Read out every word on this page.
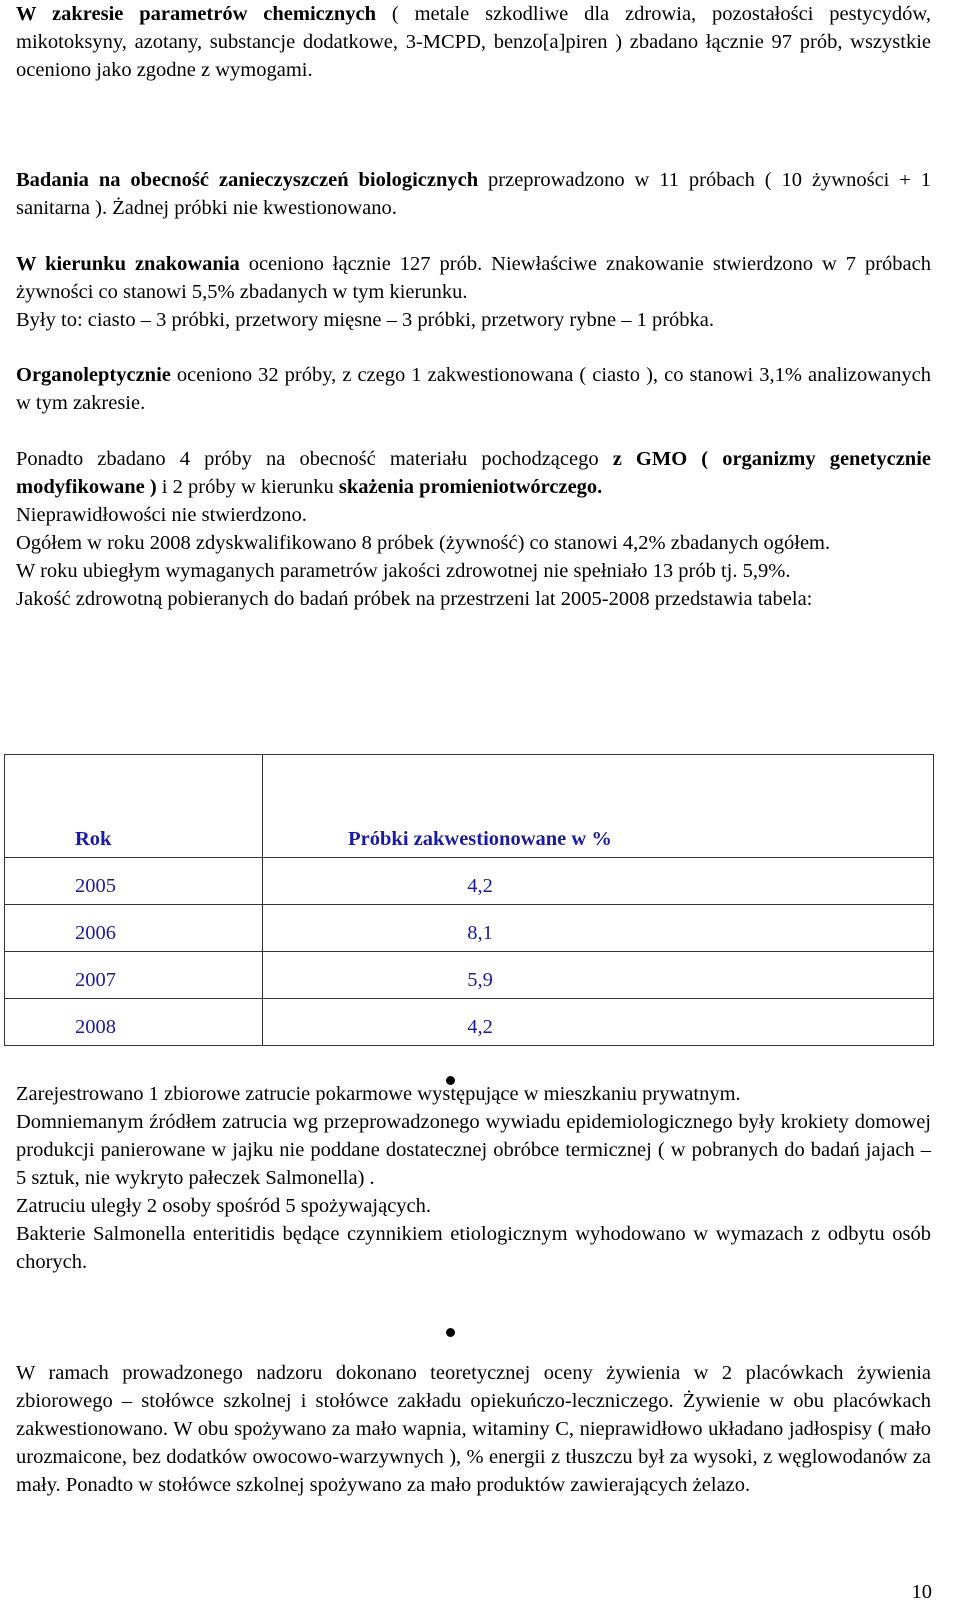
W zakresie parametrów chemicznych ( metale szkodliwe dla zdrowia, pozostałości pestycydów, mikotoksyny, azotany, substancje dodatkowe, 3-MCPD, benzo[a]piren ) zbadano łącznie 97 prób, wszystkie oceniono jako zgodne z wymogami.

Badania na obecność zanieczyszczeń biologicznych przeprowadzono w 11 próbach ( 10 żywności + 1 sanitarna ). Żadnej próbki nie kwestionowano.

W kierunku znakowania oceniono łącznie 127 prób. Niewłaściwe znakowanie stwierdzono w 7 próbach żywności co stanowi 5,5% zbadanych w tym kierunku.
Były to: ciasto – 3 próbki, przetwory mięsne – 3 próbki, przetwory rybne – 1 próbka.

Organoleptycznie oceniono 32 próby, z czego 1 zakwestionowana ( ciasto ), co stanowi 3,1% analizowanych w tym zakresie.

Ponadto zbadano 4 próby na obecność materiału pochodzącego z GMO ( organizmy genetycznie modyfikowane ) i 2 próby w kierunku skażenia promieniotwórczego.
Nieprawidłowości nie stwierdzono.
Ogółem w roku 2008 zdyskwalifikowano 8 próbek (żywność) co stanowi 4,2% zbadanych ogółem.
W roku ubiegłym wymaganych parametrów jakości zdrowotnej nie spełniało 13 prób tj. 5,9%.
Jakość zdrowotną pobieranych do badań próbek na przestrzeni lat 2005-2008 przedstawia tabela:

Rok	Próbki zakwestionowane w %
2005	4,2
2006	8,1
2007	5,9
2008	4,2

Zarejestrowano 1 zbiorowe zatrucie pokarmowe występujące w mieszkaniu prywatnym.
Domniemanym źródłem zatrucia wg przeprowadzonego wywiadu epidemiologicznego były krokiety domowej produkcji panierowane w jajku nie poddane dostatecznej obróbce termicznej ( w pobranych do badań jajach – 5 sztuk, nie wykryto pałeczek Salmonella) .
Zatruciu uległy 2 osoby spośród 5 spożywających.
Bakterie Salmonella enteritidis będące czynnikiem etiologicznym wyhodowano w wymazach z odbytu osób chorych.

W ramach prowadzonego nadzoru dokonano teoretycznej oceny żywienia w 2 placówkach żywienia zbiorowego – stołówce szkolnej i stołówce zakładu opiekuńczo-leczniczego. Żywienie w obu placówkach zakwestionowano. W obu spożywano za mało wapnia, witaminy C, nieprawidłowo układano jadłospisy ( mało urozmaicone, bez dodatków owocowo-warzywnych ), % energii z tłuszczu był za wysoki, z węglowodanów za mały. Ponadto w stołówce szkolnej spożywano za mało produktów zawierających żelazo.

10
